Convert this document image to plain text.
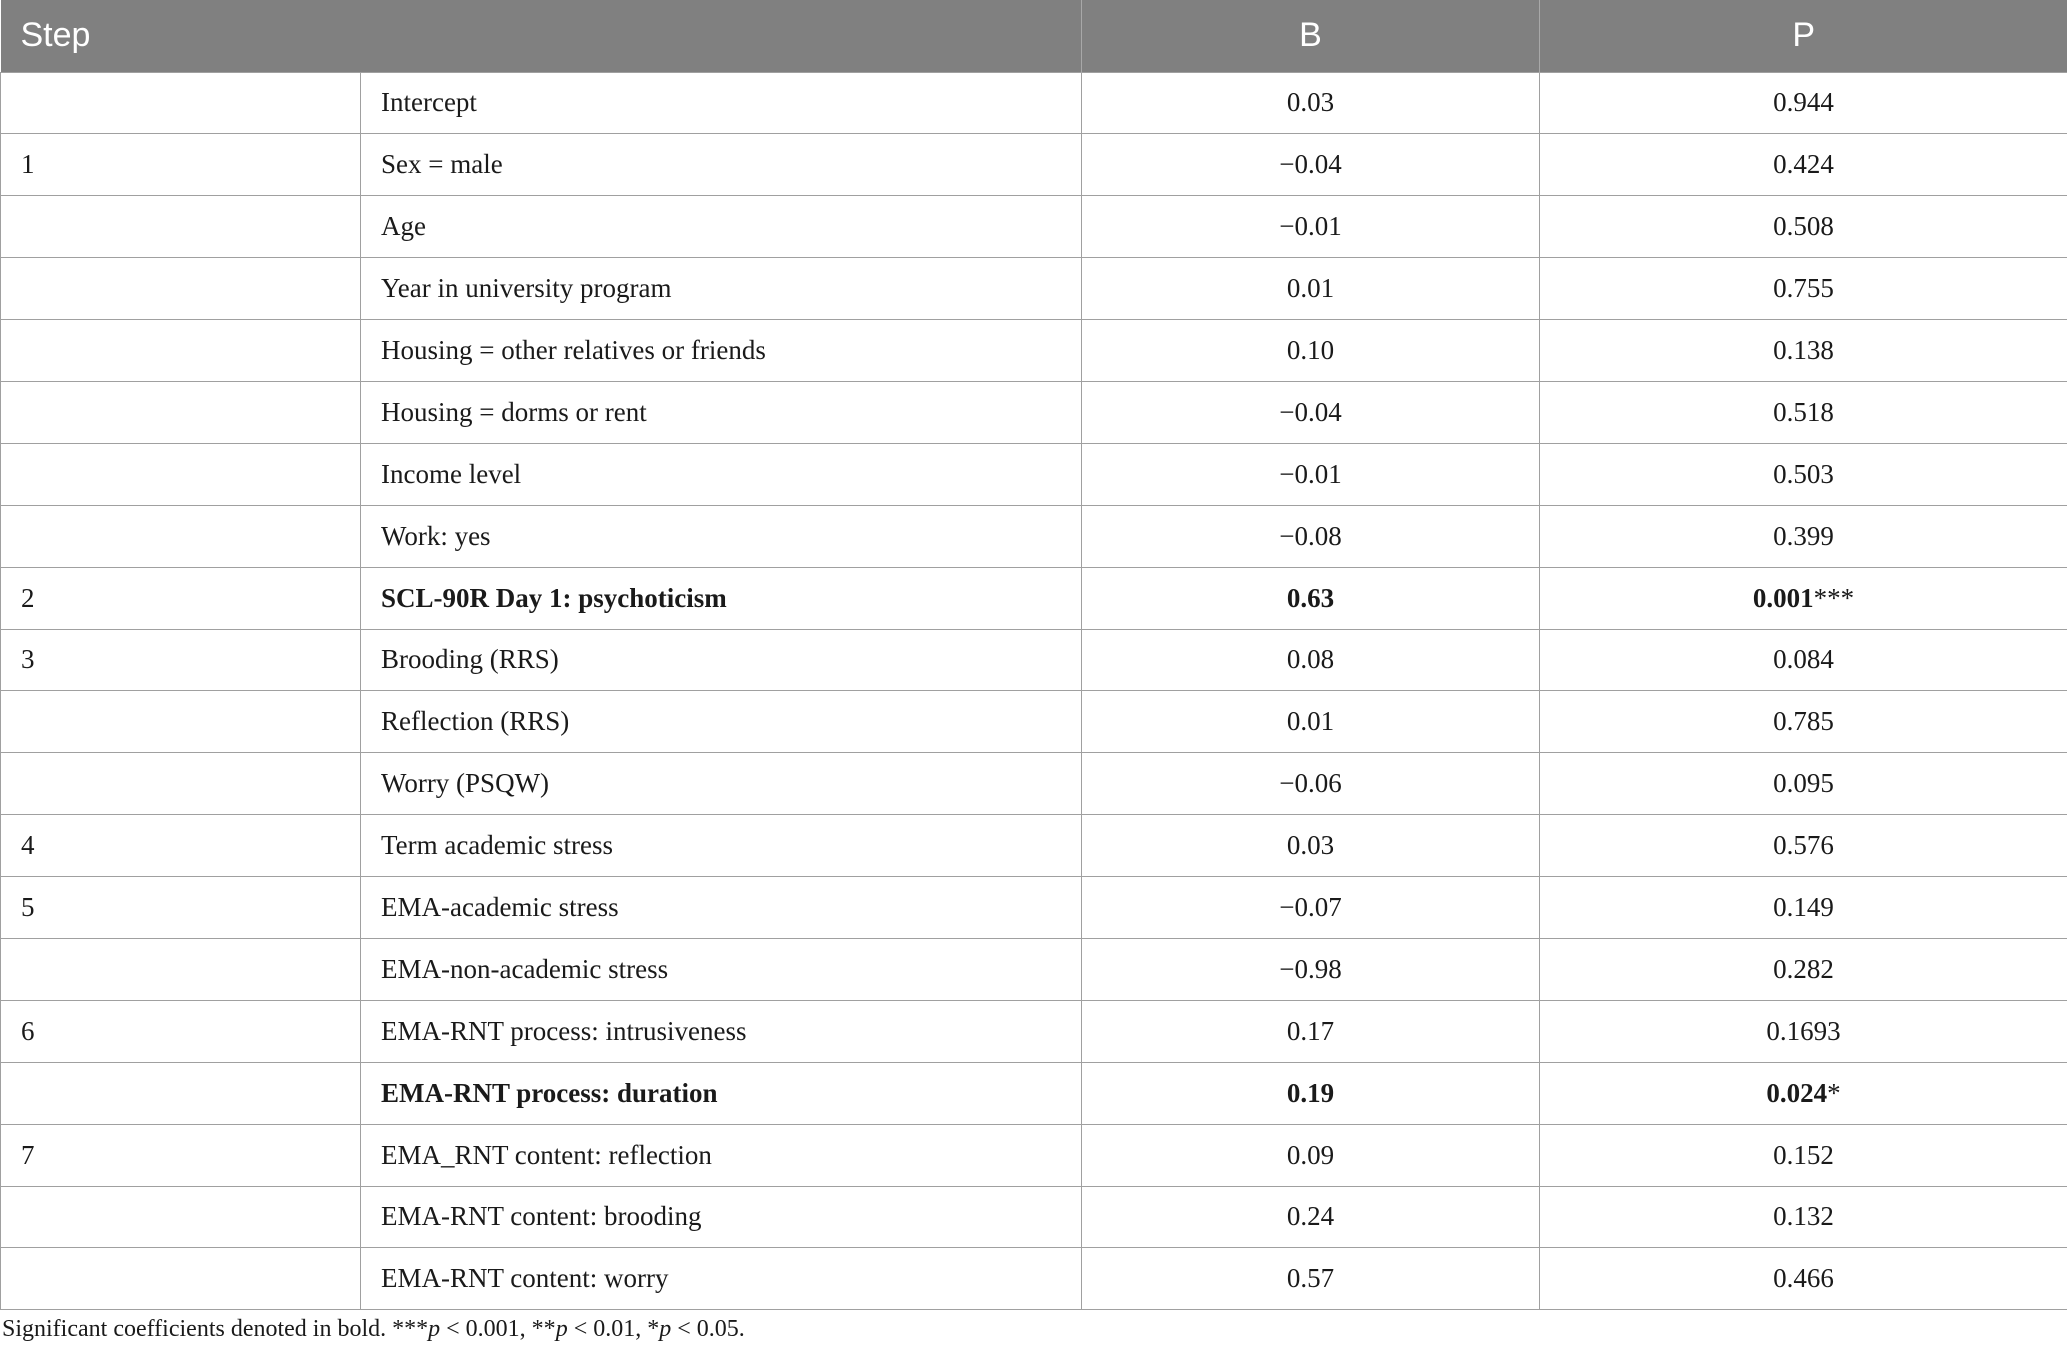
Step		B	P
	Intercept	0.03	0.944
1	Sex = male	−0.04	0.424
	Age	−0.01	0.508
	Year in university program	0.01	0.755
	Housing = other relatives or friends	0.10	0.138
	Housing = dorms or rent	−0.04	0.518
	Income level	−0.01	0.503
	Work: yes	−0.08	0.399
2	SCL-90R Day 1: psychoticism	0.63	0.001***
3	Brooding (RRS)	0.08	0.084
	Reflection (RRS)	0.01	0.785
	Worry (PSQW)	−0.06	0.095
4	Term academic stress	0.03	0.576
5	EMA-academic stress	−0.07	0.149
	EMA-non-academic stress	−0.98	0.282
6	EMA-RNT process: intrusiveness	0.17	0.1693
	EMA-RNT process: duration	0.19	0.024*
7	EMA_RNT content: reflection	0.09	0.152
	EMA-RNT content: brooding	0.24	0.132
	EMA-RNT content: worry	0.57	0.466
Significant coefficients denoted in bold. ***p < 0.001, **p < 0.01, *p < 0.05.
